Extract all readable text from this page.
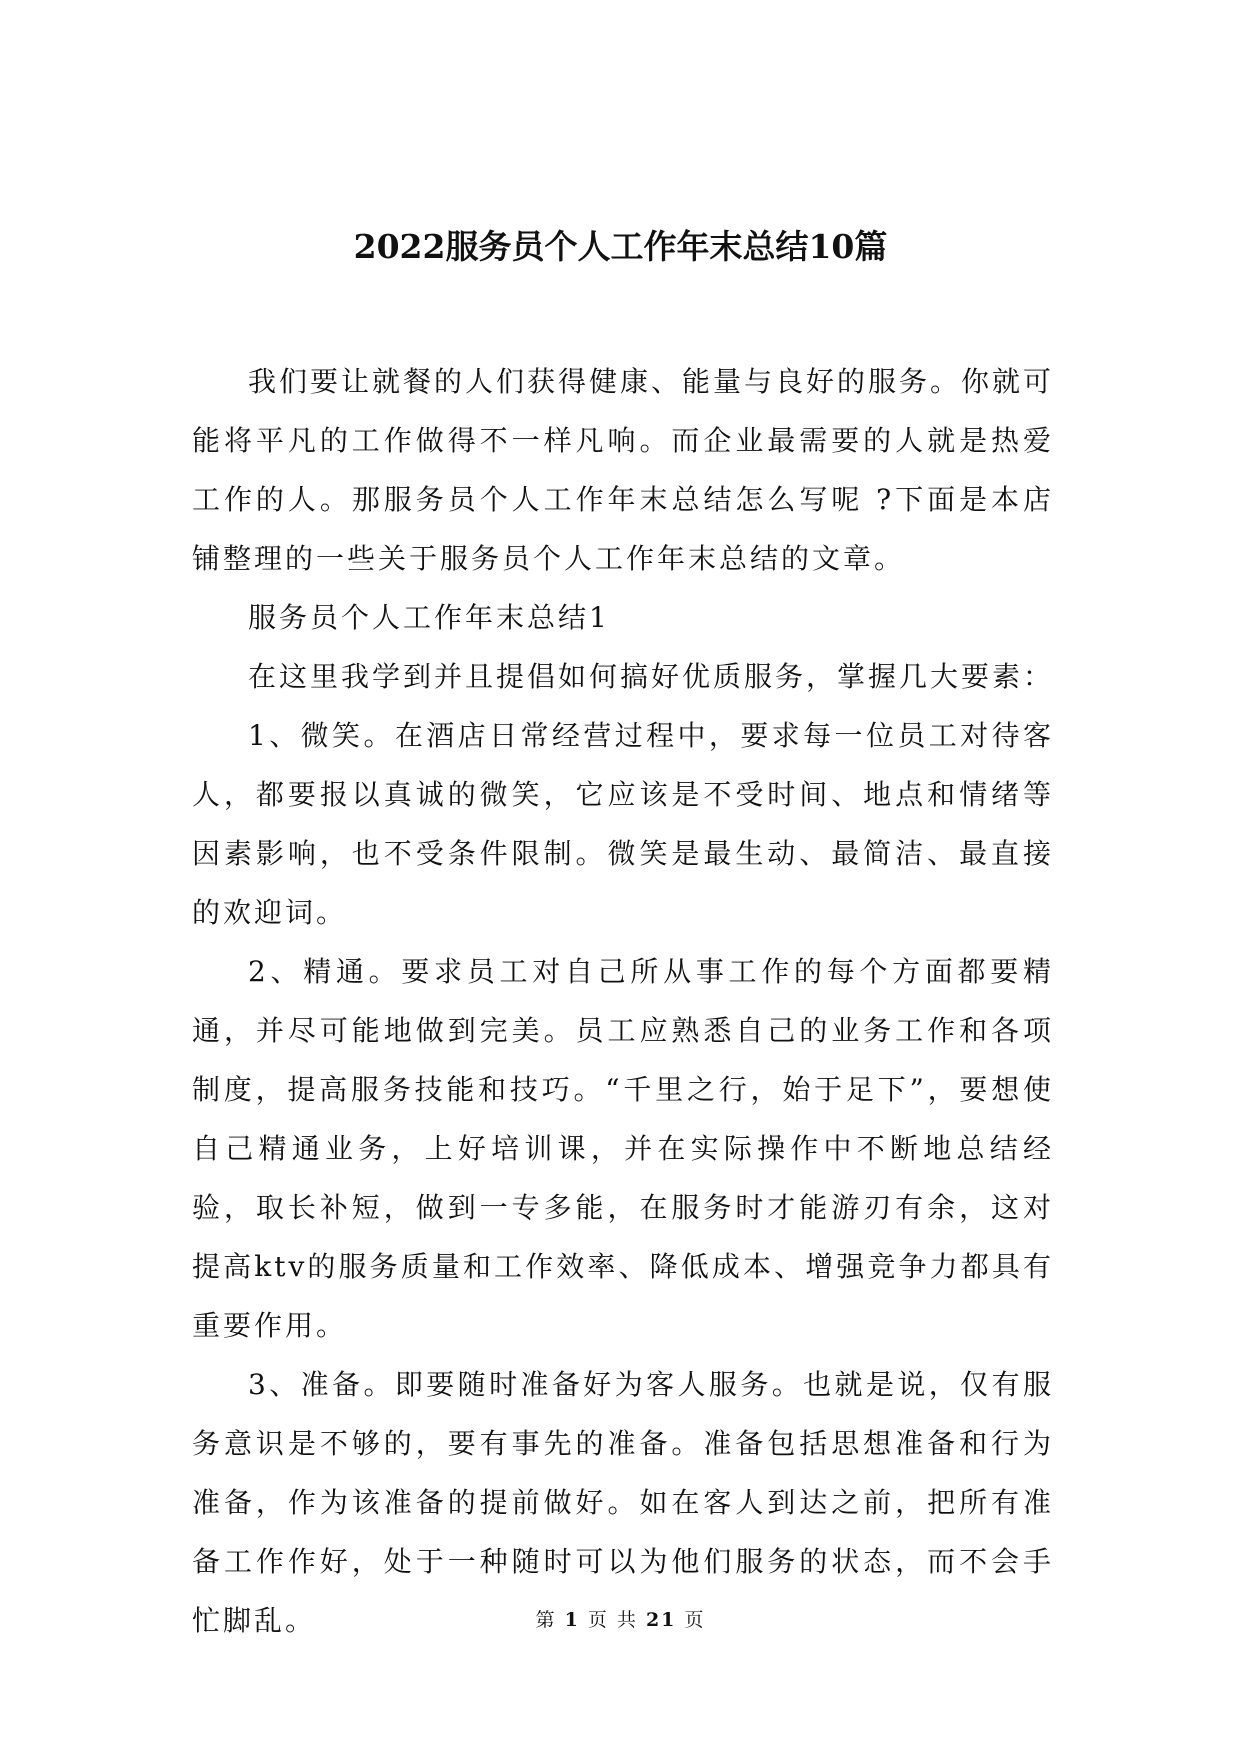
2022服务员个人工作年末总结10篇

我们要让就餐的人们获得健康、能量与良好的服务。你就可能将平凡的工作做得不一样凡响。而企业最需要的人就是热爱工作的人。那服务员个人工作年末总结怎么写呢 ?下面是本店铺整理的一些关于服务员个人工作年末总结的文章。

服务员个人工作年末总结1

在这里我学到并且提倡如何搞好优质服务，掌握几大要素：

1、微笑。在酒店日常经营过程中，要求每一位员工对待客人，都要报以真诚的微笑，它应该是不受时间、地点和情绪等因素影响，也不受条件限制。微笑是最生动、最简洁、最直接的欢迎词。

2、精通。要求员工对自己所从事工作的每个方面都要精通，并尽可能地做到完美。员工应熟悉自己的业务工作和各项制度，提高服务技能和技巧。“千里之行，始于足下”，要想使自己精通业务，上好培训课，并在实际操作中不断地总结经验，取长补短，做到一专多能，在服务时才能游刃有余，这对提高ktv的服务质量和工作效率、降低成本、增强竞争力都具有重要作用。

3、准备。即要随时准备好为客人服务。也就是说，仅有服务意识是不够的，要有事先的准备。准备包括思想准备和行为准备，作为该准备的提前做好。如在客人到达之前，把所有准备工作作好，处于一种随时可以为他们服务的状态，而不会手忙脚乱。	第 1 页 共 21 页
